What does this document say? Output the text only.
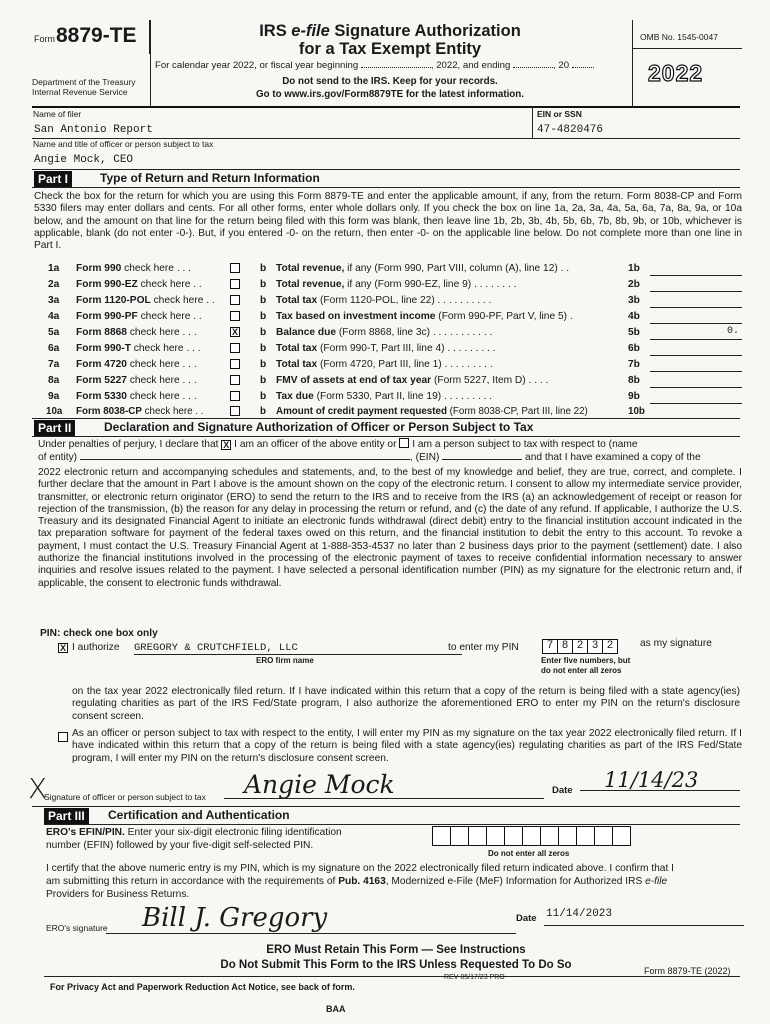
Form 8879-TE
Department of the Treasury
Internal Revenue Service
IRS e-file Signature Authorization
for a Tax Exempt Entity
For calendar year 2022, or fiscal year beginning	, 2022, and ending	, 20
Do not send to the IRS. Keep for your records.
Go to www.irs.gov/Form8879TE for the latest information.
OMB No. 1545-0047
2022
Name of filer
San Antonio Report
EIN or SSN
47-4820476
Name and title of officer or person subject to tax
Angie Mock, CEO
Part I	Type of Return and Return Information
Check the box for the return for which you are using this Form 8879-TE and enter the applicable amount, if any, from the return. Form 8038-CP and Form 5330 filers may enter dollars and cents. For all other forms, enter whole dollars only. If you check the box on line 1a, 2a, 3a, 4a, 5a, 6a, 7a, 8a, 9a, or 10a below, and the amount on that line for the return being filed with this form was blank, then leave line 1b, 2b, 3b, 4b, 5b, 6b, 7b, 8b, 9b, or 10b, whichever is applicable, blank (do not enter -0-). But, if you entered -0- on the return, then enter -0- on the applicable line below. Do not complete more than one line in Part I.
1a Form 990 check here . . .	b Total revenue, if any (Form 990, Part VIII, column (A), line 12) . .	1b
2a Form 990-EZ check here . .	b Total revenue, if any (Form 990-EZ, line 9) . . . . . . . .	2b
3a Form 1120-POL check here . .	b Total tax (Form 1120-POL, line 22) . . . . . . . . . .	3b
4a Form 990-PF check here . .	b Tax based on investment income (Form 990-PF, Part V, line 5) .	4b
5a Form 8868 check here . . .	X b Balance due (Form 8868, line 3c) . . . . . . . . . . .	5b	0.
6a Form 990-T check here . . .	b Total tax (Form 990-T, Part III, line 4) . . . . . . . . .	6b
7a Form 4720 check here . . .	b Total tax (Form 4720, Part III, line 1) . . . . . . . . .	7b
8a Form 5227 check here . . .	b FMV of assets at end of tax year (Form 5227, Item D) . . . .	8b
9a Form 5330 check here . . .	b Tax due (Form 5330, Part II, line 19) . . . . . . . . .	9b
10a Form 8038-CP check here . .	b Amount of credit payment requested (Form 8038-CP, Part III, line 22)	10b
Part II	Declaration and Signature Authorization of Officer or Person Subject to Tax
Under penalties of perjury, I declare that X I am an officer of the above entity or I am a person subject to tax with respect to (name
of entity)	, (EIN)	and that I have examined a copy of the
2022 electronic return and accompanying schedules and statements, and, to the best of my knowledge and belief, they are true, correct, and complete. I further declare that the amount in Part I above is the amount shown on the copy of the electronic return. I consent to allow my intermediate service provider, transmitter, or electronic return originator (ERO) to send the return to the IRS and to receive from the IRS (a) an acknowledgement of receipt or reason for rejection of the transmission, (b) the reason for any delay in processing the return or refund, and (c) the date of any refund. If applicable, I authorize the U.S. Treasury and its designated Financial Agent to initiate an electronic funds withdrawal (direct debit) entry to the financial institution account indicated in the tax preparation software for payment of the federal taxes owed on this return, and the financial institution to debit the entry to this account. To revoke a payment, I must contact the U.S. Treasury Financial Agent at 1-888-353-4537 no later than 2 business days prior to the payment (settlement) date. I also authorize the financial institutions involved in the processing of the electronic payment of taxes to receive confidential information necessary to answer inquiries and resolve issues related to the payment. I have selected a personal identification number (PIN) as my signature for the electronic return and, if applicable, the consent to electronic funds withdrawal.
PIN: check one box only
X I authorize GREGORY & CRUTCHFIELD, LLC
ERO firm name
to enter my PIN	7 8 2 3 2	as my signature
Enter five numbers, but
do not enter all zeros
on the tax year 2022 electronically filed return. If I have indicated within this return that a copy of the return is being filed with a state agency(ies) regulating charities as part of the IRS Fed/State program, I also authorize the aforementioned ERO to enter my PIN on the return's disclosure consent screen.
As an officer or person subject to tax with respect to the entity, I will enter my PIN as my signature on the tax year 2022 electronically filed return. If I have indicated within this return that a copy of the return is being filed with a state agency(ies) regulating charities as part of the IRS Fed/State program, I will enter my PIN on the return's disclosure consent screen.
X
Signature of officer or person subject to tax Angie Mock	Date 11/14/23
Part III	Certification and Authentication
ERO's EFIN/PIN. Enter your six-digit electronic filing identification
number (EFIN) followed by your five-digit self-selected PIN.
Do not enter all zeros
I certify that the above numeric entry is my PIN, which is my signature on the 2022 electronically filed return indicated above. I confirm that I
am submitting this return in accordance with the requirements of Pub. 4163, Modernized e-File (MeF) Information for Authorized IRS e-file
Providers for Business Returns.
ERO's signature Bill J. Gregory	Date 11/14/2023
ERO Must Retain This Form — See Instructions
Do Not Submit This Form to the IRS Unless Requested To Do So
For Privacy Act and Paperwork Reduction Act Notice, see back of form.
REV 05/17/23 PRO
Form 8879-TE (2022)
BAA
